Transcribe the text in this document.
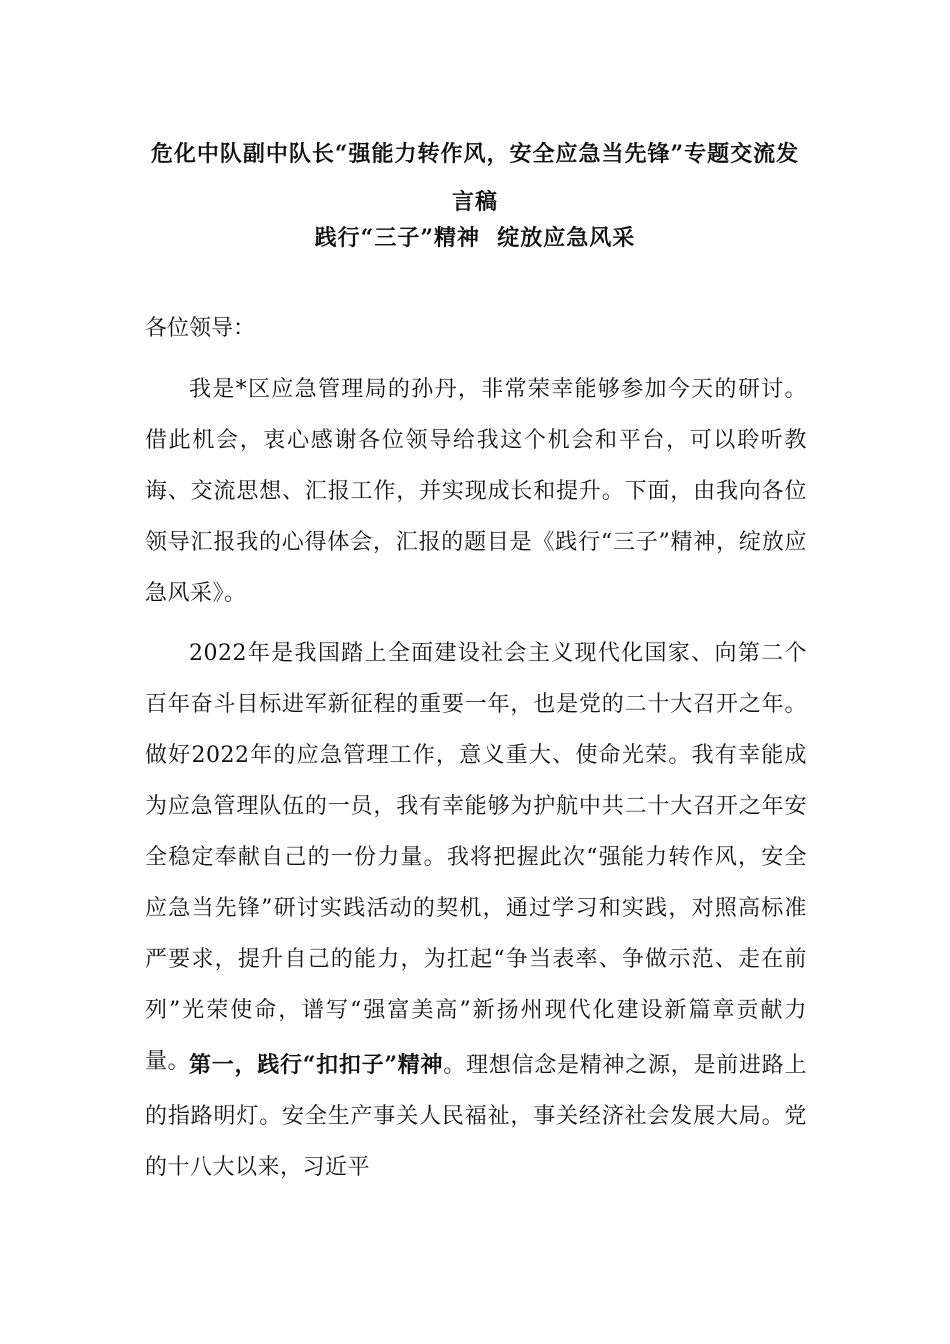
危化中队副中队长“强能力转作风，安全应急当先锋”专题交流发
言稿
践行“三子”精神  绽放应急风采

各位领导：

我是*区应急管理局的孙丹，非常荣幸能够参加今天的研讨。借此机会，衷心感谢各位领导给我这个机会和平台，可以聆听教诲、交流思想、汇报工作，并实现成长和提升。下面，由我向各位领导汇报我的心得体会，汇报的题目是《践行“三子”精神，绽放应急风采》。

2022年是我国踏上全面建设社会主义现代化国家、向第二个百年奋斗目标进军新征程的重要一年，也是党的二十大召开之年。做好2022年的应急管理工作，意义重大、使命光荣。我有幸能成为应急管理队伍的一员，我有幸能够为护航中共二十大召开之年安全稳定奉献自己的一份力量。我将把握此次“强能力转作风，安全应急当先锋”研讨实践活动的契机，通过学习和实践，对照高标准严要求，提升自己的能力，为扛起“争当表率、争做示范、走在前列”光荣使命，谱写“强富美高”新扬州现代化建设新篇章贡献力量。

第一，践行“扣扣子”精神。理想信念是精神之源，是前进路上的指路明灯。安全生产事关人民福祉，事关经济社会发展大局。党的十八大以来，习近平
